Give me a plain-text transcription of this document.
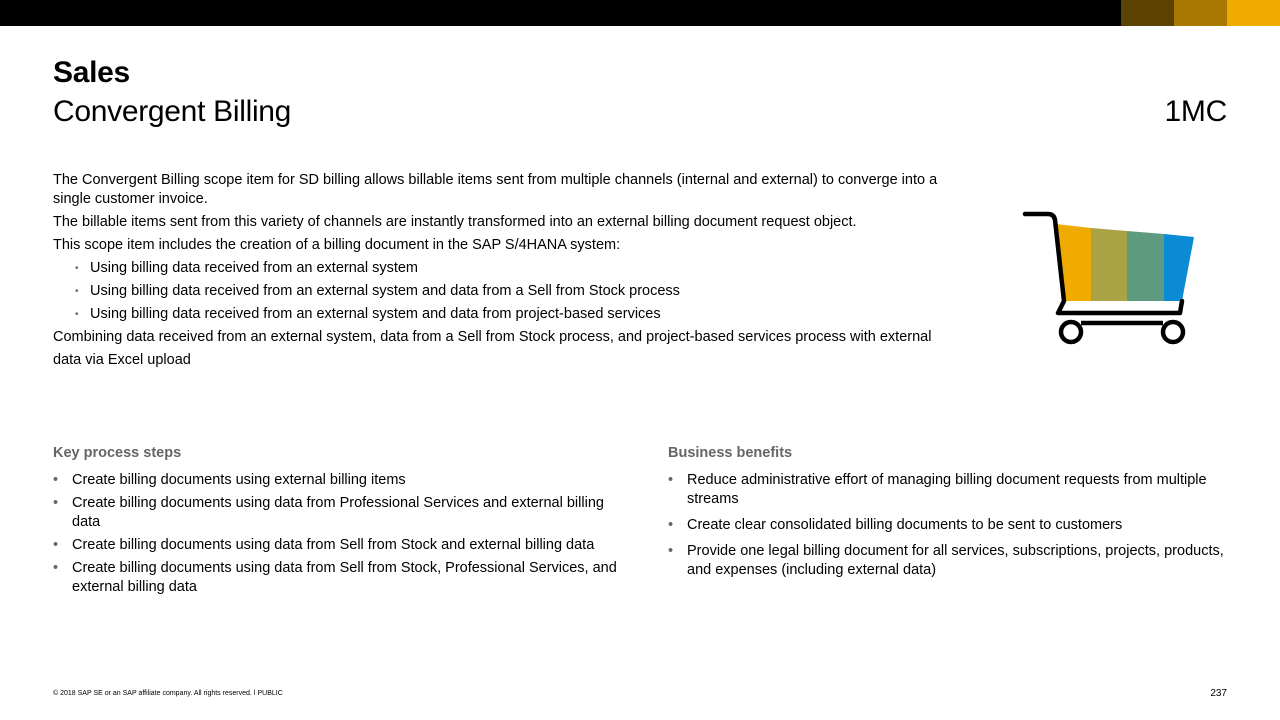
Sales
Convergent Billing	1MC

The Convergent Billing scope item for SD billing allows billable items sent from multiple channels (internal and external) to converge into a single customer invoice.

The billable items sent from this variety of channels are instantly transformed into an external billing document request object.

This scope item includes the creation of a billing document in the SAP S/4HANA system:

• Using billing data received from an external system
• Using billing data received from an external system and data from a Sell from Stock process
• Using billing data received from an external system and data from project-based services

Combining data received from an external system, data from a Sell from Stock process, and project-based services process with external data via Excel upload

Key process steps
• Create billing documents using external billing items
• Create billing documents using data from Professional Services and external billing data
• Create billing documents using data from Sell from Stock and external billing data
• Create billing documents using data from Sell from Stock, Professional Services, and external billing data
Business benefits
• Reduce administrative effort of managing billing document requests from multiple streams
• Create clear consolidated billing documents to be sent to customers
• Provide one legal billing document for all services, subscriptions, projects, products, and expenses (including external data)
© 2018 SAP SE or an SAP affiliate company. All rights reserved. ǀ PUBLIC	237
